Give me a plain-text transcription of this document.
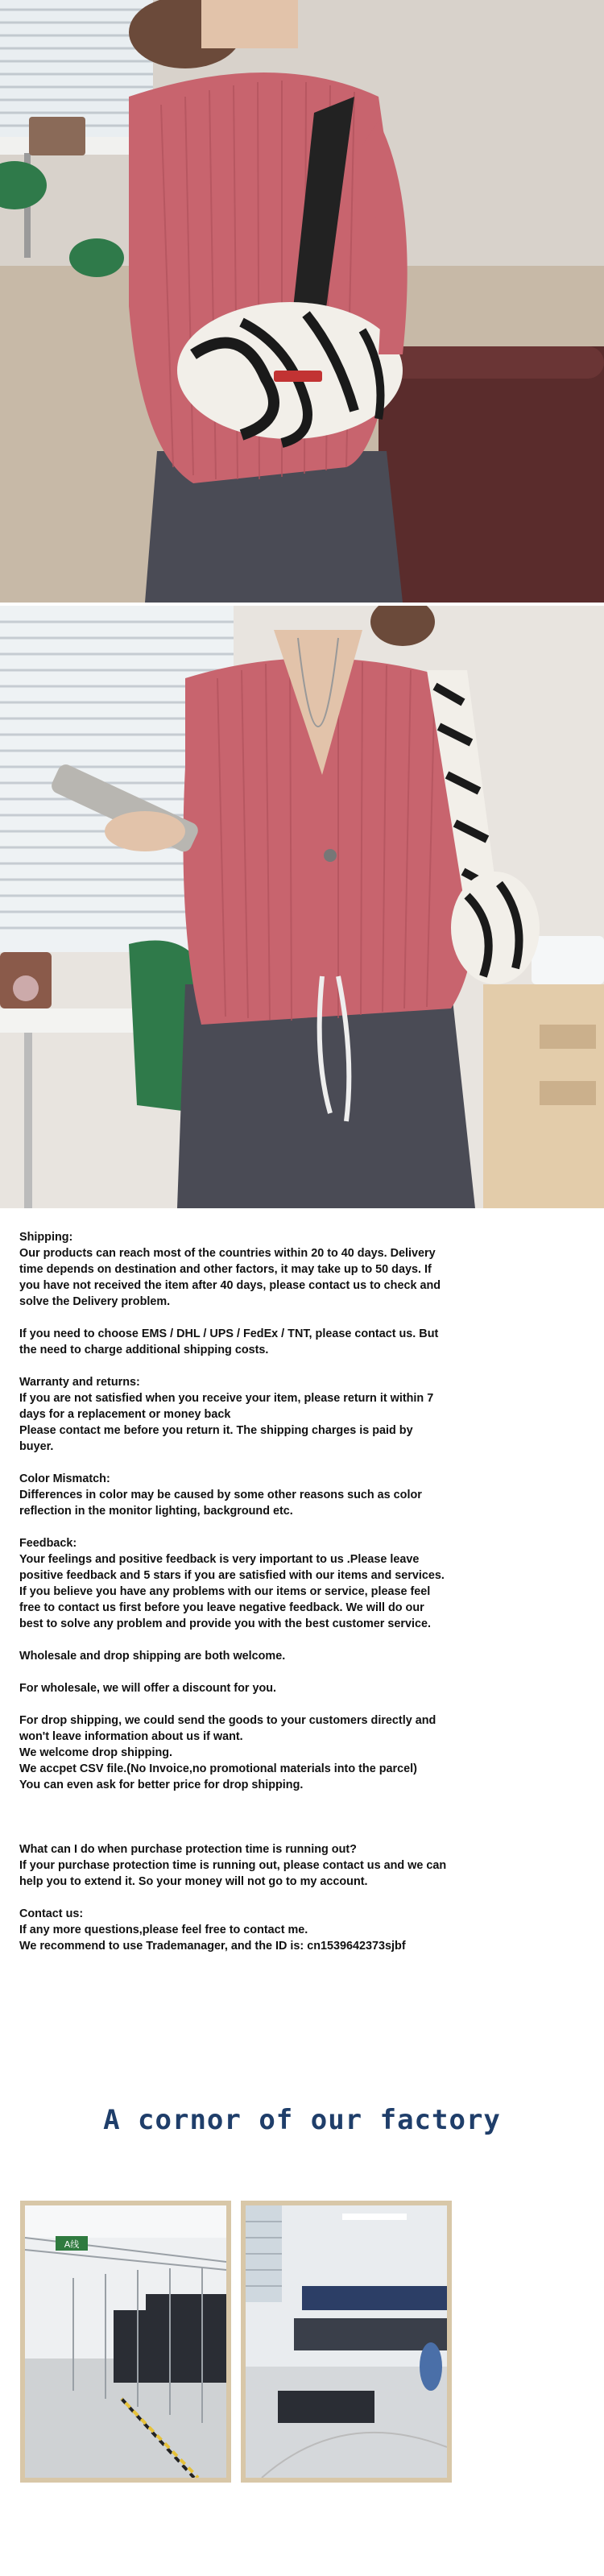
Shipping:
Our products can reach most of the countries within 20 to 40 days. Delivery
time depends on destination and other factors, it may take up to 50 days. If
you have not received the item after 40 days, please contact us to check and
solve the Delivery problem.
If you need to choose EMS / DHL / UPS / FedEx / TNT, please contact us. But
the need to charge additional shipping costs.
Warranty and returns:
If you are not satisfied when you receive your item, please return it within 7
days for a replacement or money back
Please contact me before you return it. The shipping charges is paid by
buyer.
Color Mismatch:
Differences in color may be caused by some other reasons such as color
reflection in the monitor lighting, background etc.
Feedback:
Your feelings and positive feedback is very important to us .Please leave
positive feedback and 5 stars if you are satisfied with our items and services.
If you believe you have any problems with our items or service, please feel
free to contact us first before you leave negative feedback. We will do our
best to solve any problem and provide you with the best customer service.
Wholesale and drop shipping are both welcome.
For wholesale, we will offer a discount for you.
For drop shipping, we could send the goods to your customers directly and
won't leave information about us if want.
We welcome drop shipping.
We accpet CSV file.(No Invoice,no promotional materials into the parcel)
You can even ask for better price for drop shipping.
What can I do when purchase protection time is running out?
If your purchase protection time is running out, please contact us and we can
help you to extend it. So your money will not go to my account.
Contact us:
If any more questions,please feel free to contact me.
We recommend to use Trademanager, and the ID is: cn1539642373sjbf
A cornor of our factory
A线
